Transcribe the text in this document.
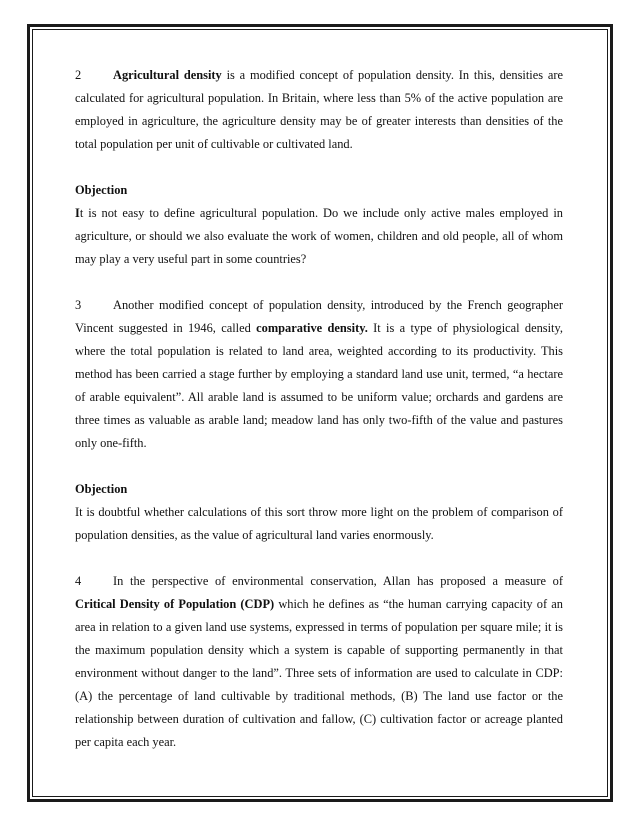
2	Agricultural density is a modified concept of population density. In this, densities are calculated for agricultural population. In Britain, where less than 5% of the active population are employed in agriculture, the agriculture density may be of greater interests than densities of the total population per unit of cultivable or cultivated land.

Objection

It is not easy to define agricultural population. Do we include only active males employed in agriculture, or should we also evaluate the work of women, children and old people, all of whom may play a very useful part in some countries?

3	Another modified concept of population density, introduced by the French geographer Vincent suggested in 1946, called comparative density. It is a type of physiological density, where the total population is related to land area, weighted according to its productivity. This method has been carried a stage further by employing a standard land use unit, termed, “a hectare of arable equivalent”. All arable land is assumed to be uniform value; orchards and gardens are three times as valuable as arable land; meadow land has only two-fifth of the value and pastures only one-fifth.

Objection

It is doubtful whether calculations of this sort throw more light on the problem of comparison of population densities, as the value of agricultural land varies enormously.

4	In the perspective of environmental conservation, Allan has proposed a measure of Critical Density of Population (CDP) which he defines as “the human carrying capacity of an area in relation to a given land use systems, expressed in terms of population per square mile; it is the maximum population density which a system is capable of supporting permanently in that environment without danger to the land”. Three sets of information are used to calculate in CDP: (A) the percentage of land cultivable by traditional methods, (B) The land use factor or the relationship between duration of cultivation and fallow, (C) cultivation factor or acreage planted per capita each year.
